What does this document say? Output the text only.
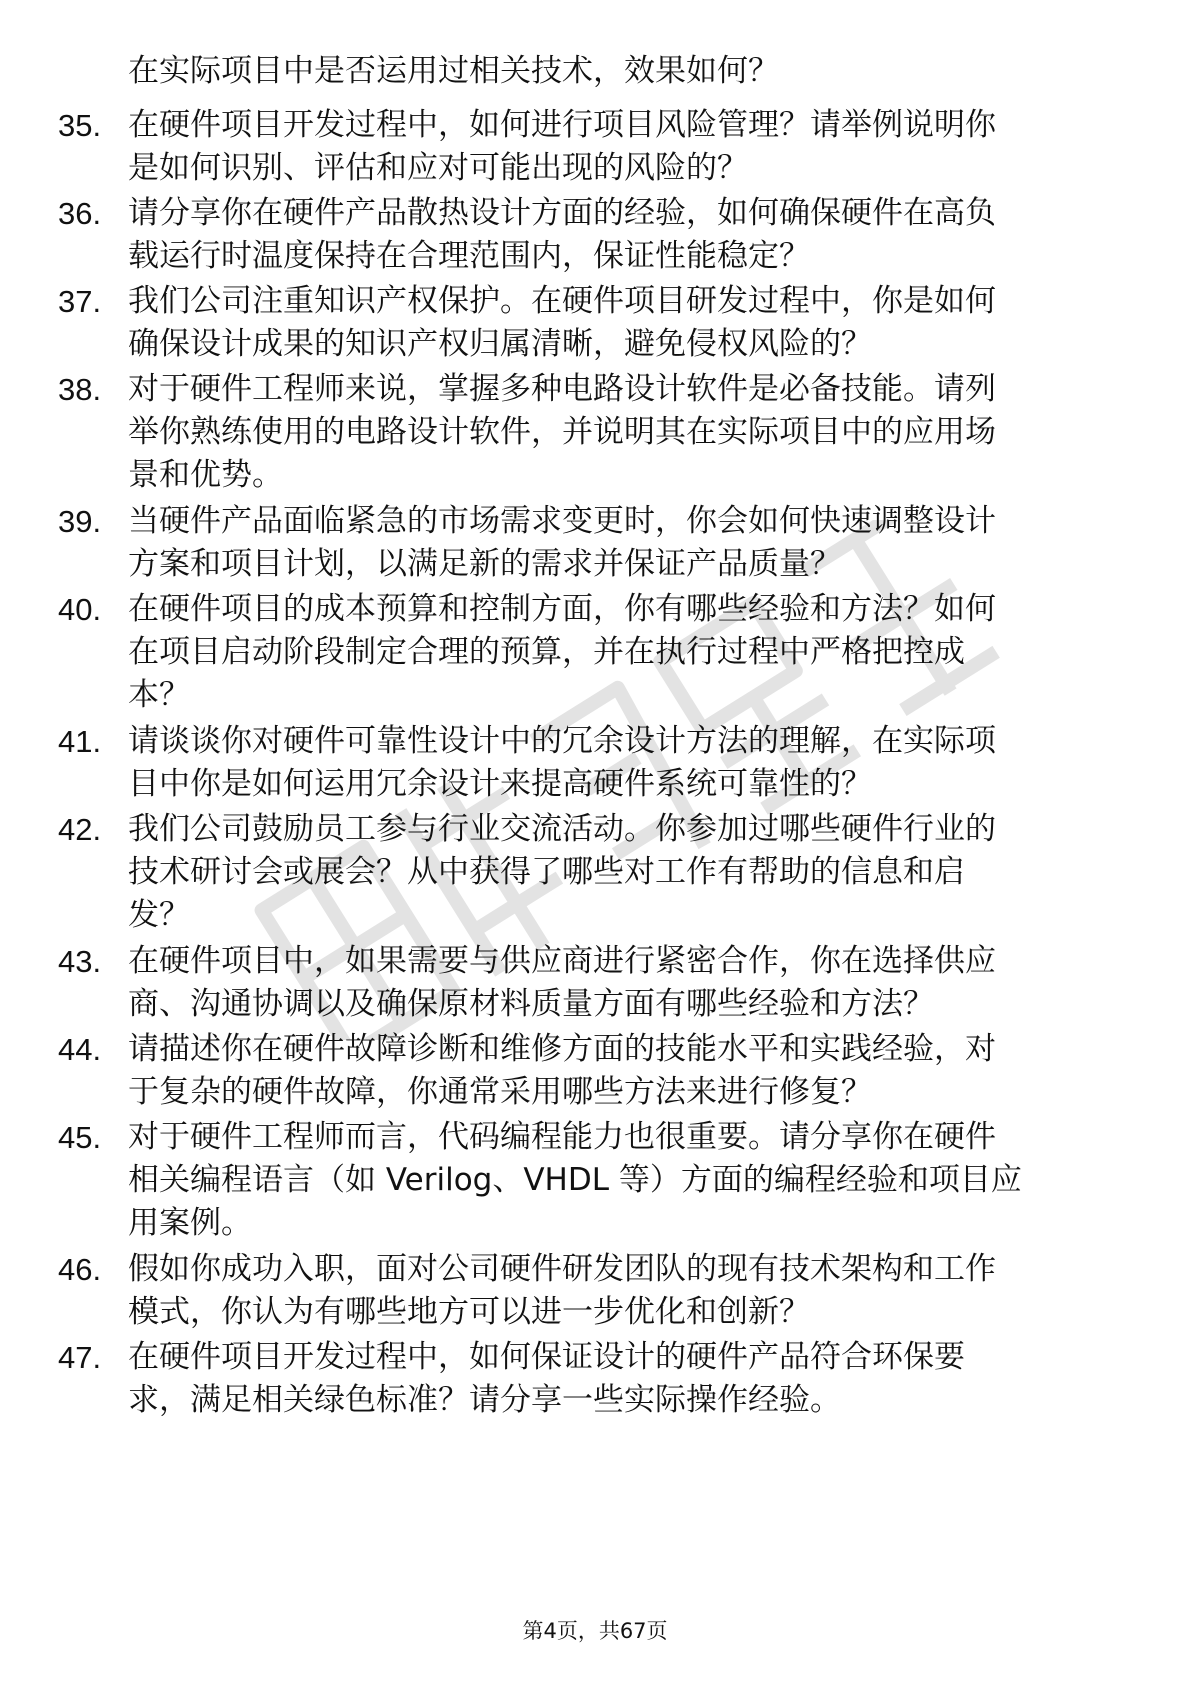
在实际项目中是否运用过相关技术，效果如何？
35. 在硬件项目开发过程中，如何进行项目风险管理？请举例说明你
是如何识别、评估和应对可能出现的风险的？
36. 请分享你在硬件产品散热设计方面的经验，如何确保硬件在高负
载运行时温度保持在合理范围内，保证性能稳定？
37. 我们公司注重知识产权保护。在硬件项目研发过程中，你是如何
确保设计成果的知识产权归属清晰，避免侵权风险的？
38. 对于硬件工程师来说，掌握多种电路设计软件是必备技能。请列
举你熟练使用的电路设计软件，并说明其在实际项目中的应用场
景和优势。
39. 当硬件产品面临紧急的市场需求变更时，你会如何快速调整设计
方案和项目计划，以满足新的需求并保证产品质量？
40. 在硬件项目的成本预算和控制方面，你有哪些经验和方法？如何
在项目启动阶段制定合理的预算，并在执行过程中严格把控成
本？
41. 请谈谈你对硬件可靠性设计中的冗余设计方法的理解，在实际项
目中你是如何运用冗余设计来提高硬件系统可靠性的？
42. 我们公司鼓励员工参与行业交流活动。你参加过哪些硬件行业的
技术研讨会或展会？从中获得了哪些对工作有帮助的信息和启
发？
43. 在硬件项目中，如果需要与供应商进行紧密合作，你在选择供应
商、沟通协调以及确保原材料质量方面有哪些经验和方法？
44. 请描述你在硬件故障诊断和维修方面的技能水平和实践经验，对
于复杂的硬件故障，你通常采用哪些方法来进行修复？
45. 对于硬件工程师而言，代码编程能力也很重要。请分享你在硬件
相关编程语言（如 Verilog、VHDL 等）方面的编程经验和项目应
用案例。
46. 假如你成功入职，面对公司硬件研发团队的现有技术架构和工作
模式，你认为有哪些地方可以进一步优化和创新？
47. 在硬件项目开发过程中，如何保证设计的硬件产品符合环保要
求，满足相关绿色标准？请分享一些实际操作经验。
第4页，共67页
